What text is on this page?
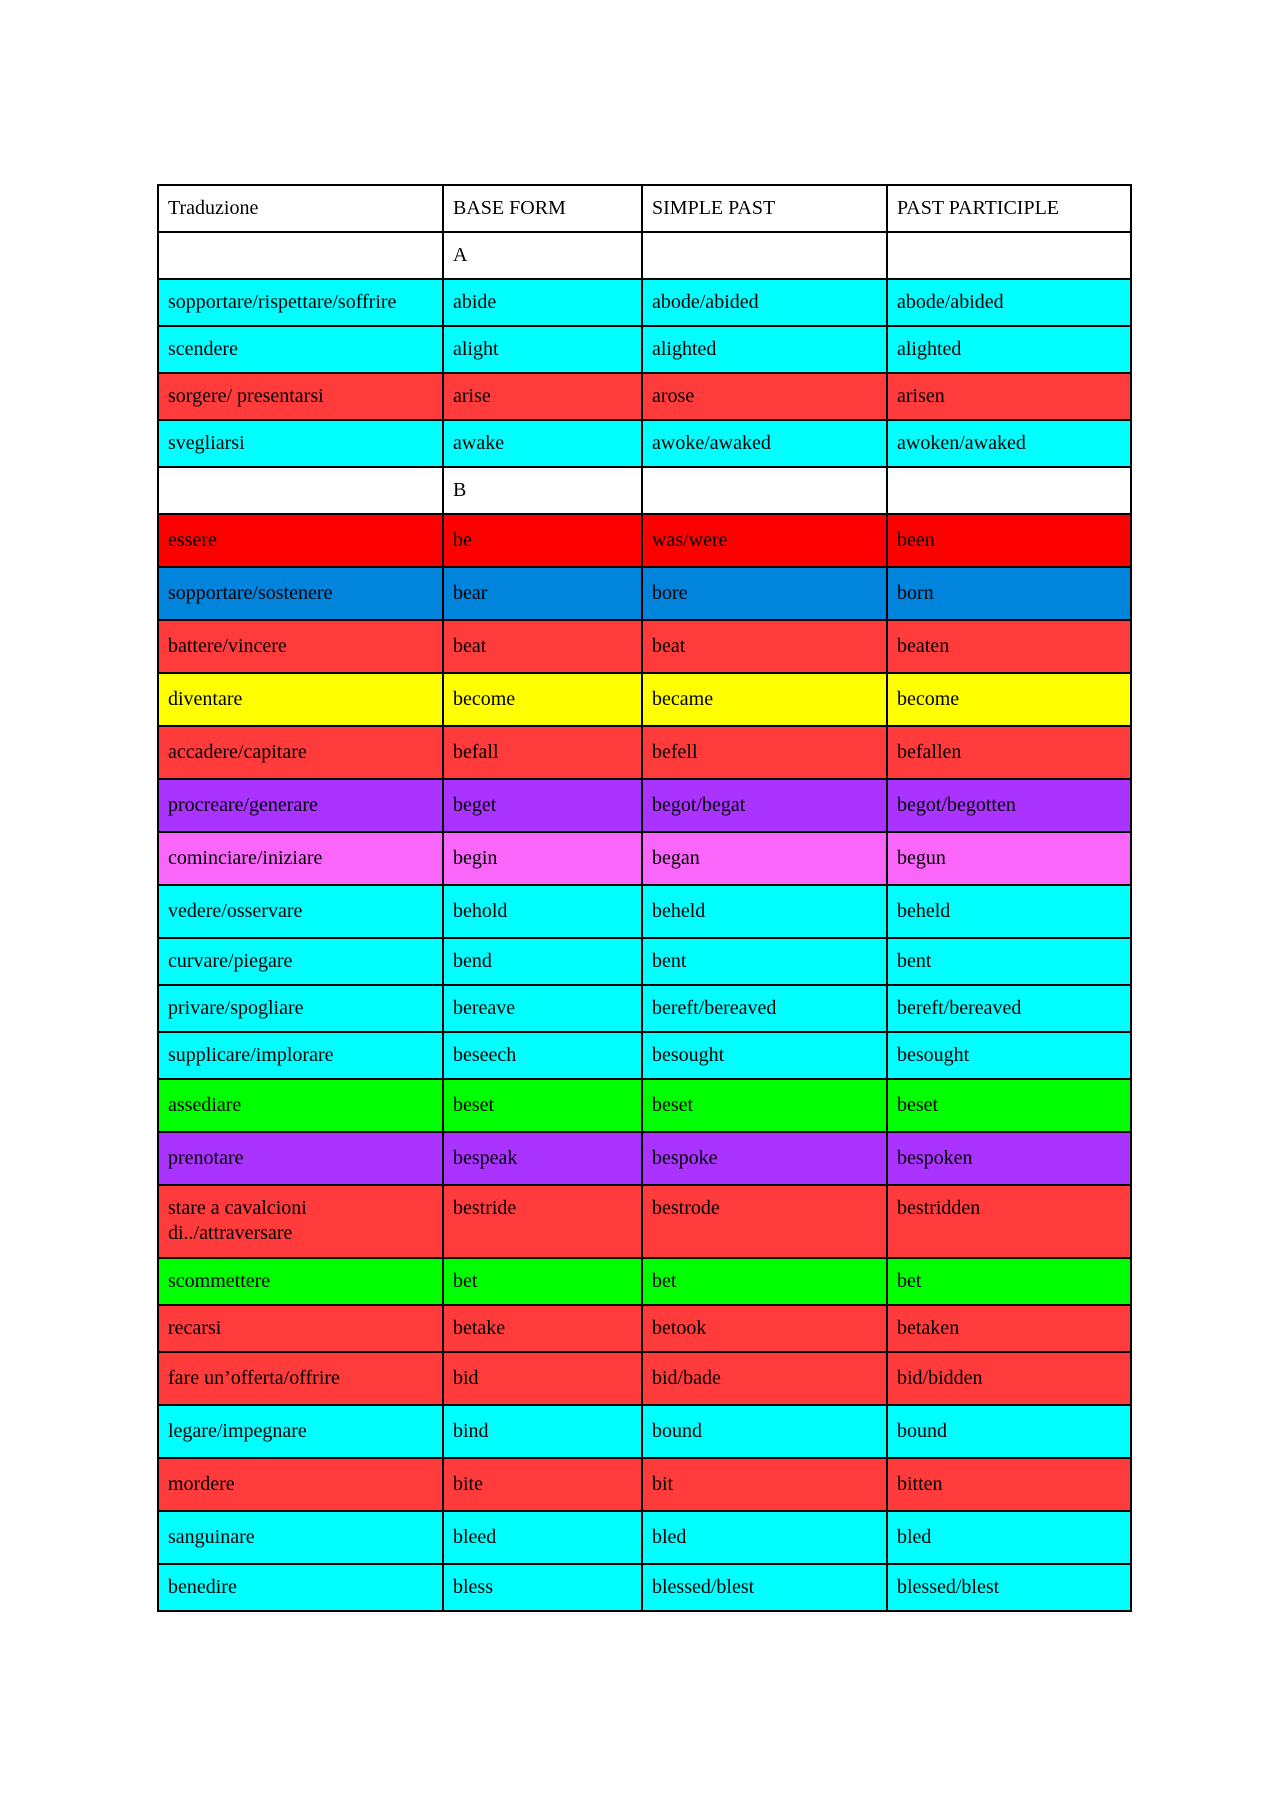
Traduzione	BASE FORM	SIMPLE PAST	PAST PARTICIPLE
	A		
sopportare/rispettare/soffrire	abide	abode/abided	abode/abided
scendere	alight	alighted	alighted
sorgere/ presentarsi	arise	arose	arisen
svegliarsi	awake	awoke/awaked	awoken/awaked
	B		
essere	be	was/were	been
sopportare/sostenere	bear	bore	born
battere/vincere	beat	beat	beaten
diventare	become	became	become
accadere/capitare	befall	befell	befallen
procreare/generare	beget	begot/begat	begot/begotten
cominciare/iniziare	begin	began	begun
vedere/osservare	behold	beheld	beheld
curvare/piegare	bend	bent	bent
privare/spogliare	bereave	bereft/bereaved	bereft/bereaved
supplicare/implorare	beseech	besought	besought
assediare	beset	beset	beset
prenotare	bespeak	bespoke	bespoken
stare a cavalcioni di../attraversare	bestride	bestrode	bestridden
scommettere	bet	bet	bet
recarsi	betake	betook	betaken
fare un’offerta/offrire	bid	bid/bade	bid/bidden
legare/impegnare	bind	bound	bound
mordere	bite	bit	bitten
sanguinare	bleed	bled	bled
benedire	bless	blessed/blest	blessed/blest
